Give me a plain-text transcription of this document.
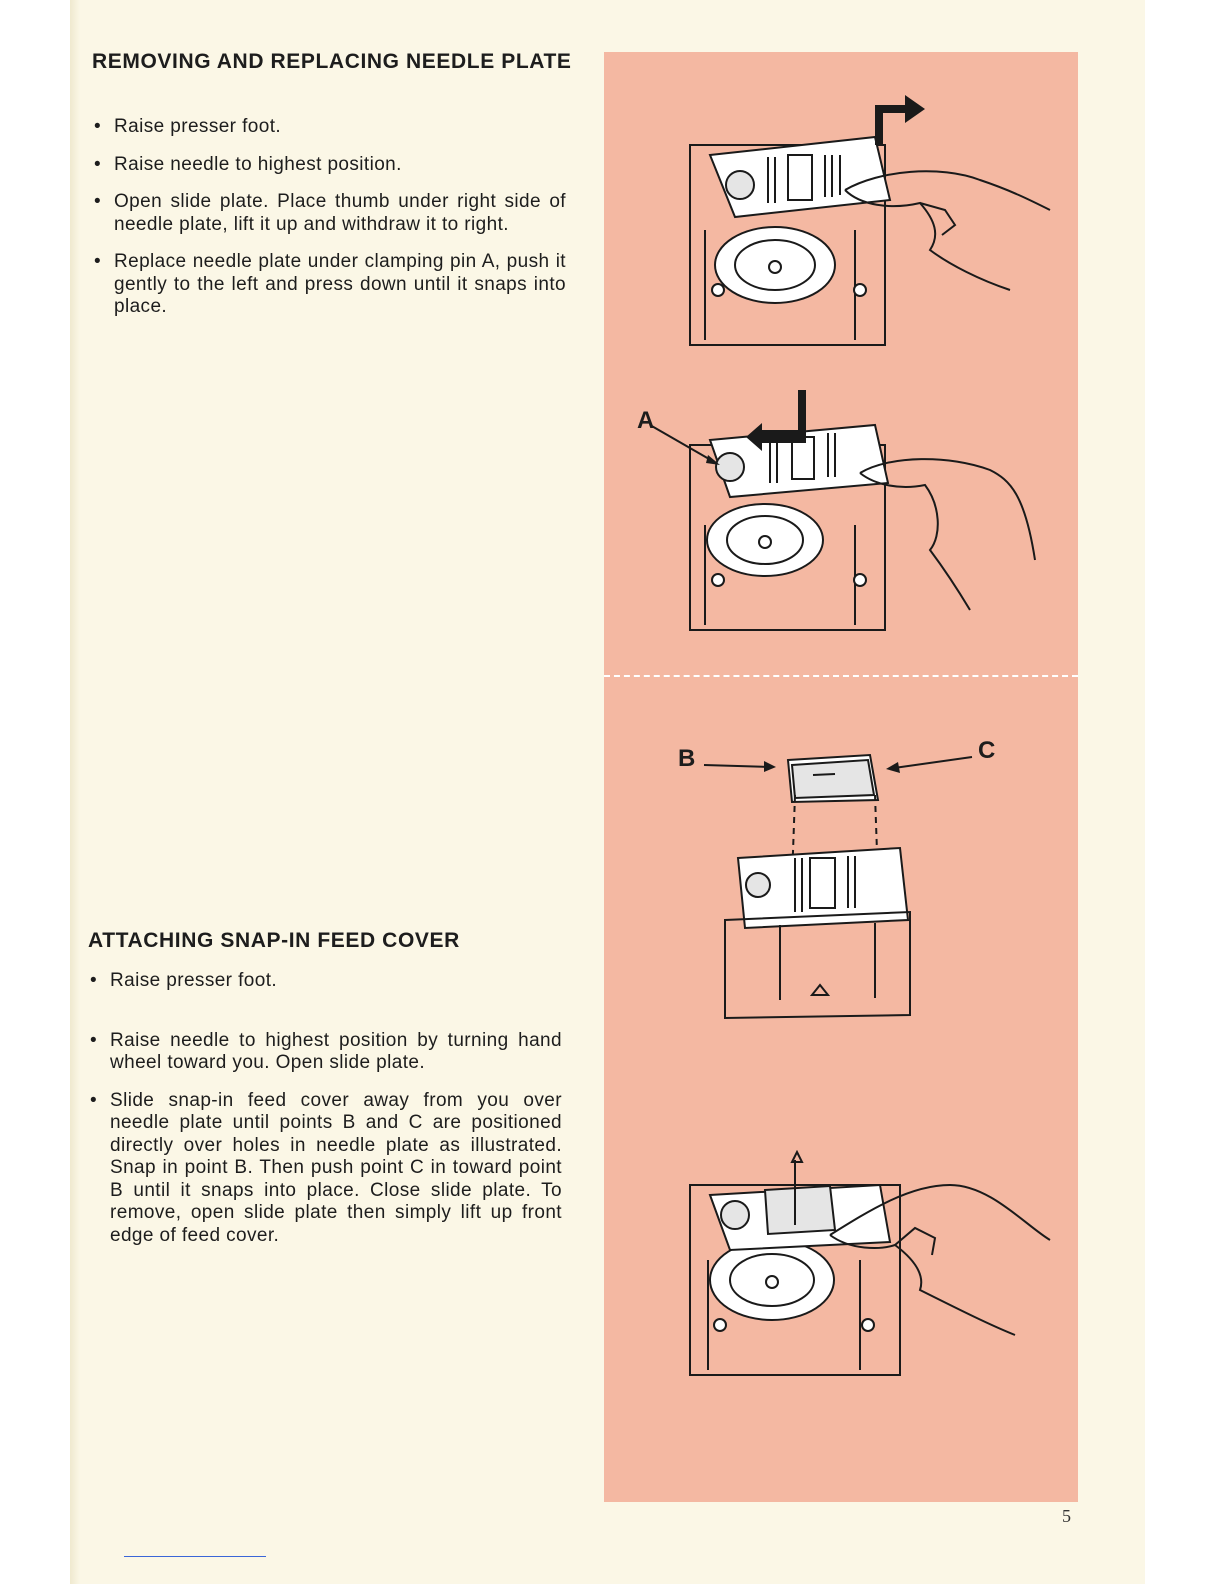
REMOVING AND REPLACING NEEDLE PLATE
• Raise presser foot.
• Raise needle to highest position.
• Open slide plate. Place thumb under right side of needle plate, lift it up and withdraw it to right.
• Replace needle plate under clamping pin A, push it gently to the left and press down until it snaps into place.
ATTACHING SNAP-IN FEED COVER
• Raise presser foot.
• Raise needle to highest position by turning hand wheel toward you. Open slide plate.
• Slide snap-in feed cover away from you over needle plate until points B and C are positioned directly over holes in needle plate as illustrated. Snap in point B. Then push point C in toward point B until it snaps into place. Close slide plate. To remove, open slide plate then simply lift up front edge of feed cover.
A
B	C
5
